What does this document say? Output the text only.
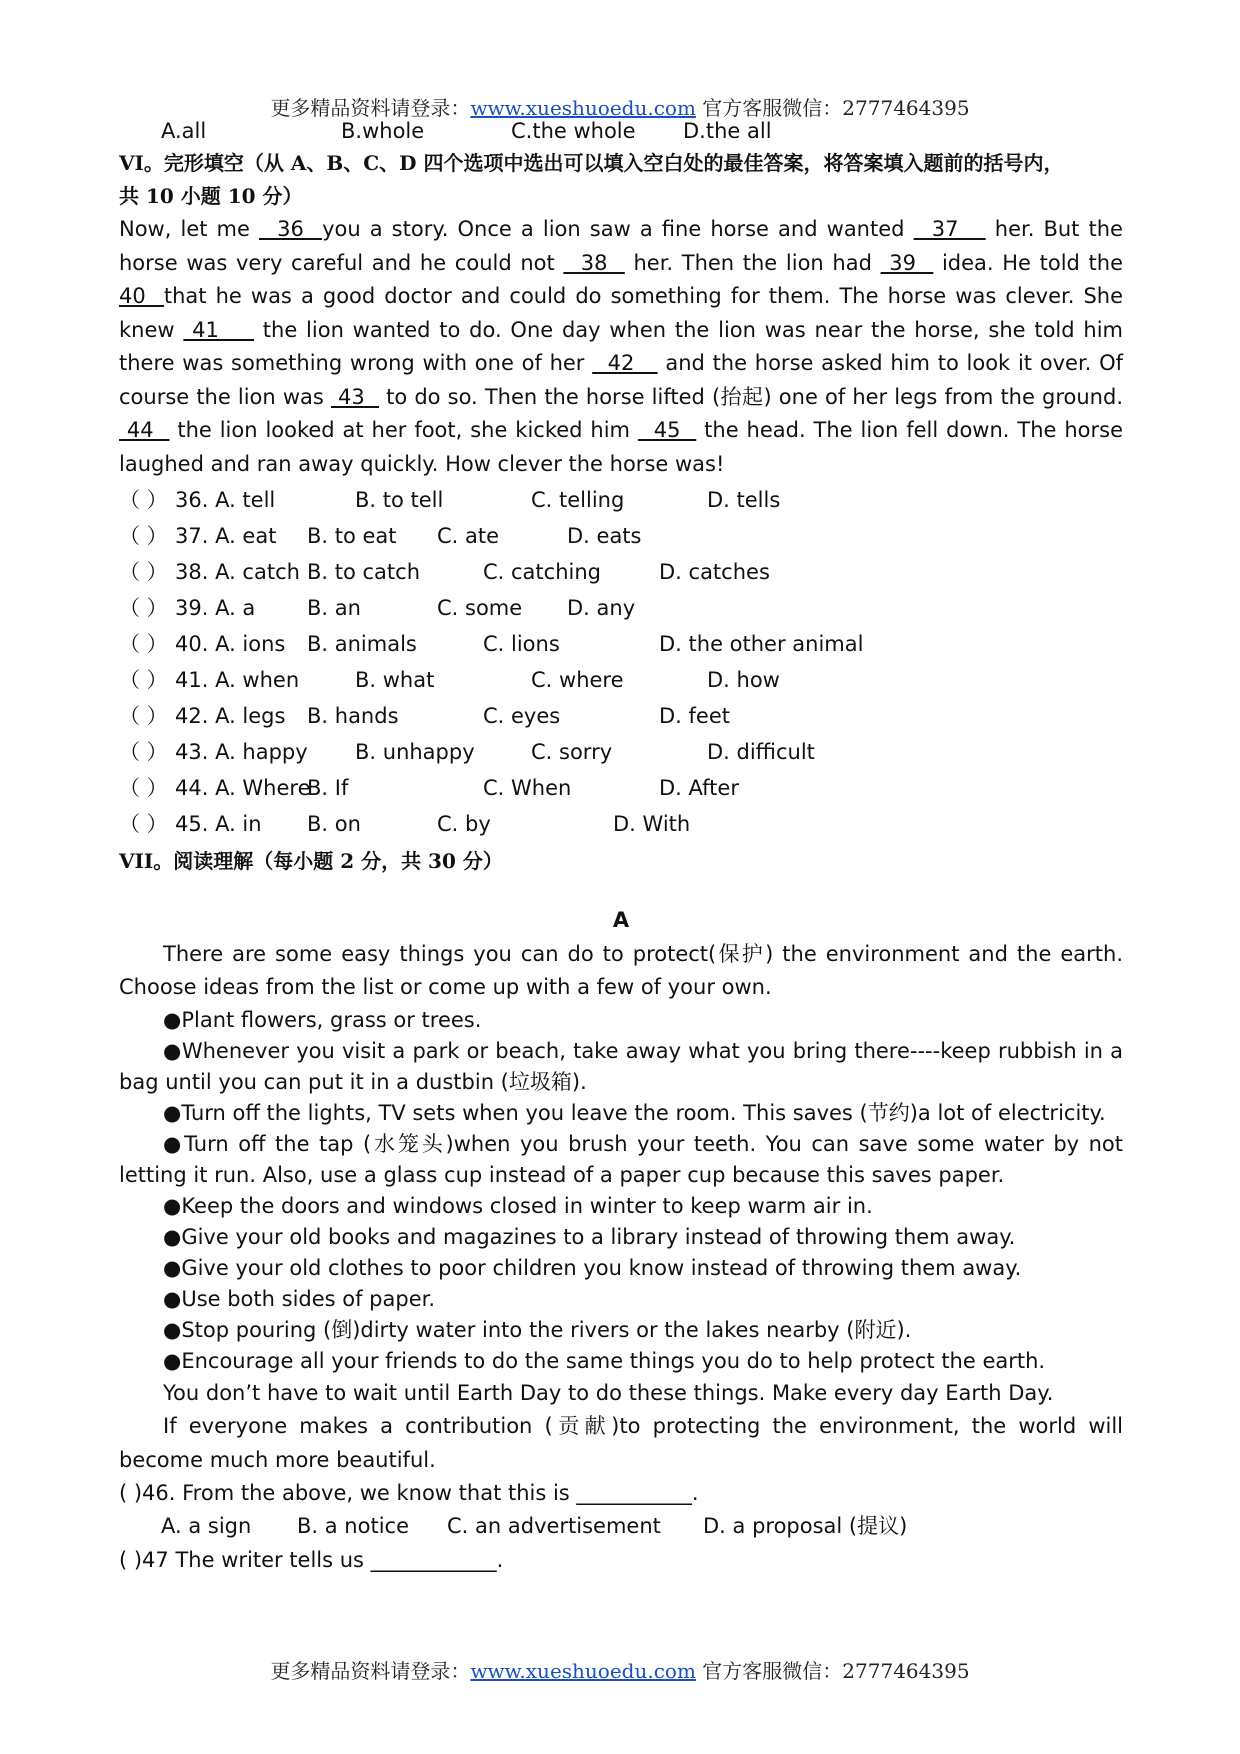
更多精品资料请登录：www.xueshuoedu.com 官方客服微信：2777464395
A.all	B.whole	C.the whole	D.the all
VI。完形填空（从 A、B、C、D 四个选项中选出可以填入空白处的最佳答案，将答案填入题前的括号内，
共 10 小题 10 分）
Now, let me   36  you a story. Once a lion saw a fine horse and wanted   37    her. But the horse was very careful and he could not   38   her. Then the lion had  39   idea. He told the 40  that he was a good doctor and could do something for them. The horse was clever. She knew  41     the lion wanted to do. One day when the lion was near the horse, she told him there was something wrong with one of her   42    and the horse asked him to look it over. Of course the lion was  43   to do so. Then the horse lifted (抬起) one of her legs from the ground.  44   the lion looked at her foot, she kicked him   45   the head. The lion fell down. The horse laughed and ran away quickly. How clever the horse was!
（ ） 36. A. tell	B. to tell	C. telling	D. tells
（ ） 37. A. eat	B. to eat	C. ate	D. eats
（ ） 38. A. catch B. to catch	C. catching	D. catches
（ ） 39. A. a	B. an	C. some	D. any
（ ） 40. A. ions	B. animals	C. lions	D. the other animal
（ ） 41. A. when	B. what	C. where	D. how
（ ） 42. A. legs	B. hands	C. eyes	D. feet
（ ） 43. A. happy	B. unhappy	C. sorry	D. difficult
（ ） 44. A. Where
B. If	C. When	D. After
（ ） 45. A. in	B. on	C. by	D. With
VII。阅读理解（每小题 2 分，共 30 分）
A
There are some easy things you can do to protect(保护) the environment and the earth. Choose ideas from the list or come up with a few of your own.
●Plant flowers, grass or trees.
●Whenever you visit a park or beach, take away what you bring there----keep rubbish in a bag until you can put it in a dustbin (垃圾箱).
●Turn off the lights, TV sets when you leave the room. This saves (节约)a lot of electricity.
●Turn off the tap (水笼头)when you brush your teeth. You can save some water by not letting it run. Also, use a glass cup instead of a paper cup because this saves paper.
●Keep the doors and windows closed in winter to keep warm air in.
●Give your old books and magazines to a library instead of throwing them away.
●Give your old clothes to poor children you know instead of throwing them away.
●Use both sides of paper.
●Stop pouring (倒)dirty water into the rivers or the lakes nearby (附近).
●Encourage all your friends to do the same things you do to help protect the earth.
You don’t have to wait until Earth Day to do these things. Make every day Earth Day.
If everyone makes a contribution (贡献)to protecting the environment, the world will become much more beautiful.
( )46. From the above, we know that this is ___________.
A. a sign	B. a notice	C. an advertisement	D. a proposal (提议)
( )47 The writer tells us ____________.
更多精品资料请登录：www.xueshuoedu.com 官方客服微信：2777464395
